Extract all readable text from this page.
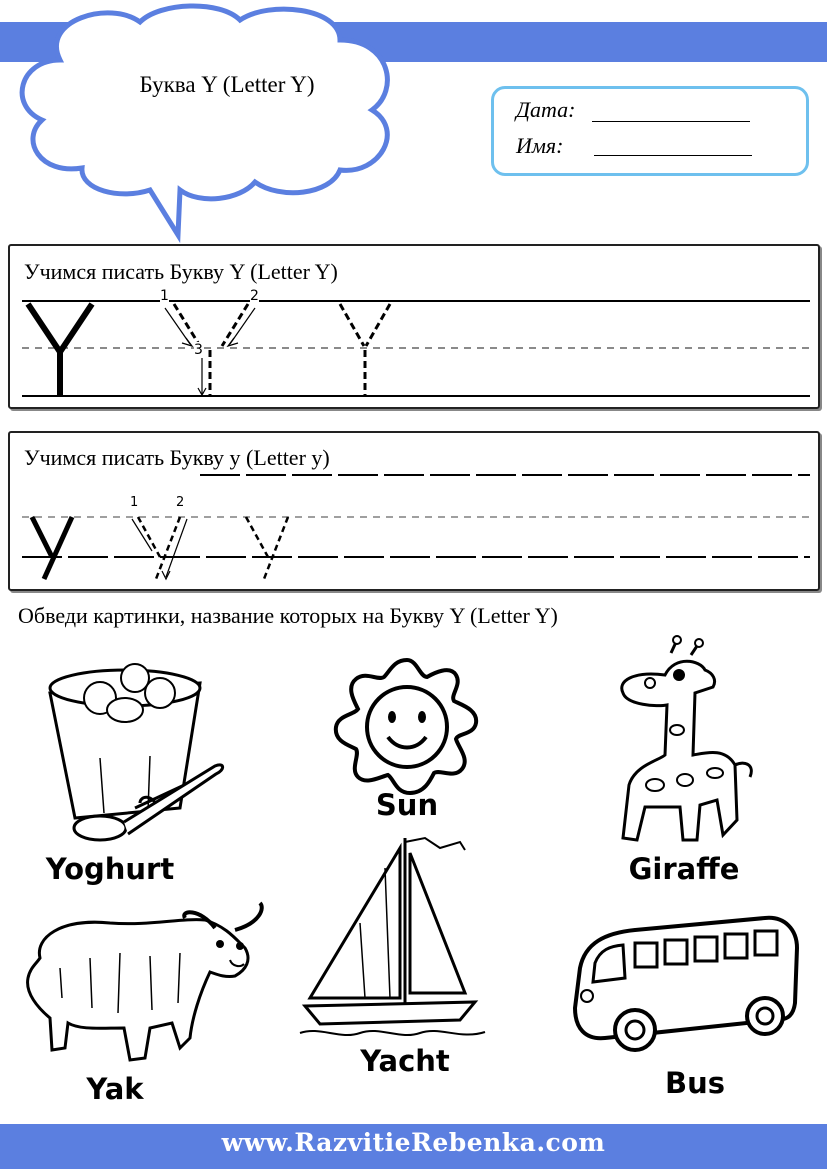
Буква Y (Letter Y)
Дата:
Имя:
Учимся писать Букву Y (Letter Y)
1	2
3
Учимся писать Букву y (Letter y)
1	2
Обведи картинки, название которых на Букву Y (Letter Y)
Yoghurt
Sun
Giraffe
Yak
Yacht
Bus
www.RazvitieRebenka.com
